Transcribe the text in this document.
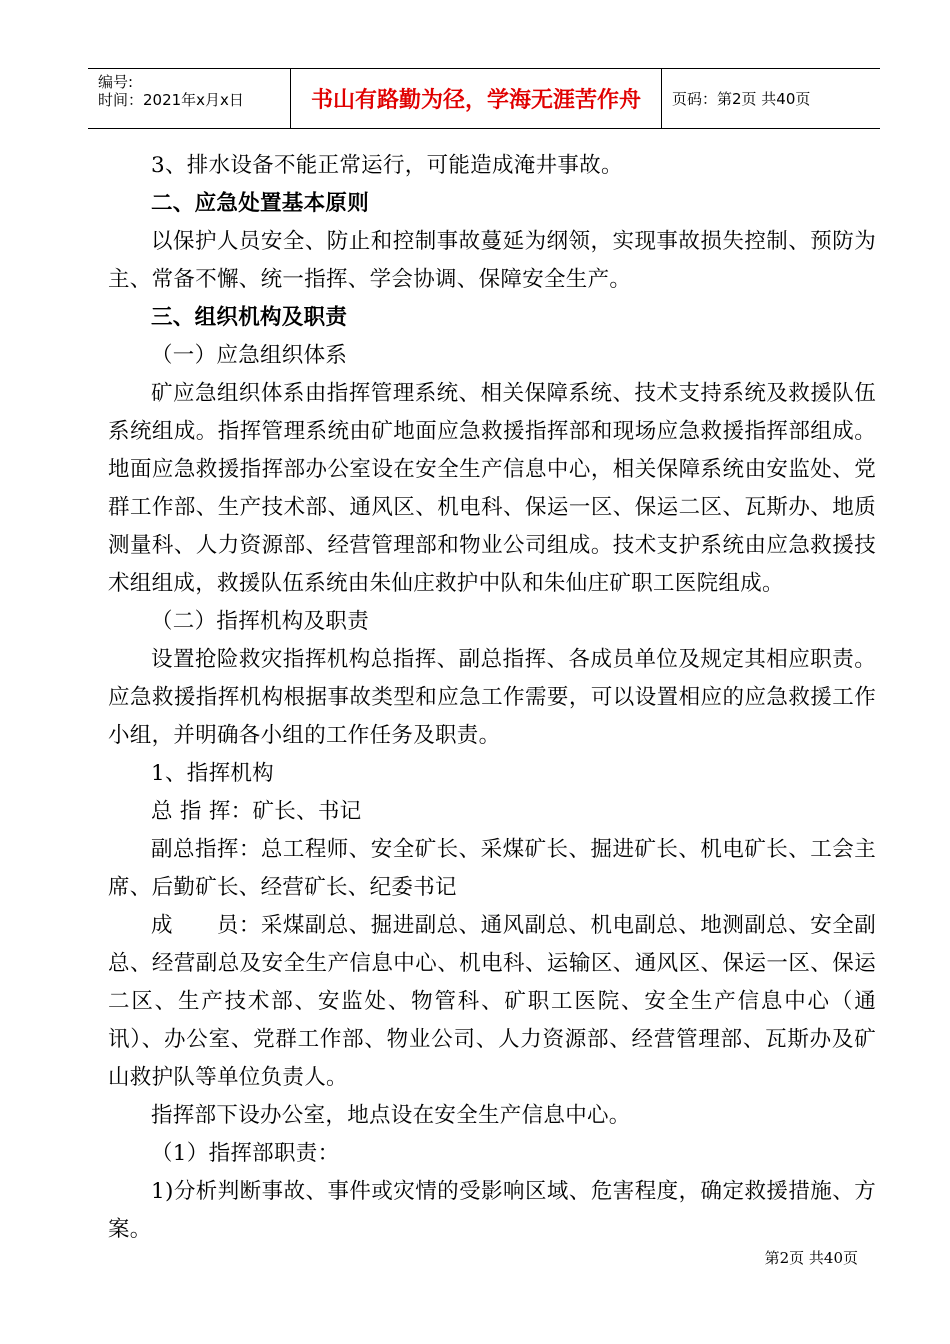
编号:
时间：2021年x月x日	书山有路勤为径，学海无涯苦作舟	页码：第2页 共40页

3、排水设备不能正常运行，可能造成淹井事故。

二、应急处置基本原则

以保护人员安全、防止和控制事故蔓延为纲领，实现事故损失控制、预防为主、常备不懈、统一指挥、学会协调、保障安全生产。

三、组织机构及职责

（一）应急组织体系

矿应急组织体系由指挥管理系统、相关保障系统、技术支持系统及救援队伍系统组成。指挥管理系统由矿地面应急救援指挥部和现场应急救援指挥部组成。地面应急救援指挥部办公室设在安全生产信息中心，相关保障系统由安监处、党群工作部、生产技术部、通风区、机电科、保运一区、保运二区、瓦斯办、地质测量科、人力资源部、经营管理部和物业公司组成。技术支护系统由应急救援技术组组成，救援队伍系统由朱仙庄救护中队和朱仙庄矿职工医院组成。

（二）指挥机构及职责

设置抢险救灾指挥机构总指挥、副总指挥、各成员单位及规定其相应职责。应急救援指挥机构根据事故类型和应急工作需要，可以设置相应的应急救援工作小组，并明确各小组的工作任务及职责。

1、指挥机构

总 指 挥：矿长、书记

副总指挥：总工程师、安全矿长、采煤矿长、掘进矿长、机电矿长、工会主席、后勤矿长、经营矿长、纪委书记

成　　员：采煤副总、掘进副总、通风副总、机电副总、地测副总、安全副总、经营副总及安全生产信息中心、机电科、运输区、通风区、保运一区、保运二区、生产技术部、安监处、物管科、矿职工医院、安全生产信息中心（通讯）、办公室、党群工作部、物业公司、人力资源部、经营管理部、瓦斯办及矿山救护队等单位负责人。

指挥部下设办公室，地点设在安全生产信息中心。

（1）指挥部职责：

1)分析判断事故、事件或灾情的受影响区域、危害程度，确定救援措施、方案。

第2页 共40页
